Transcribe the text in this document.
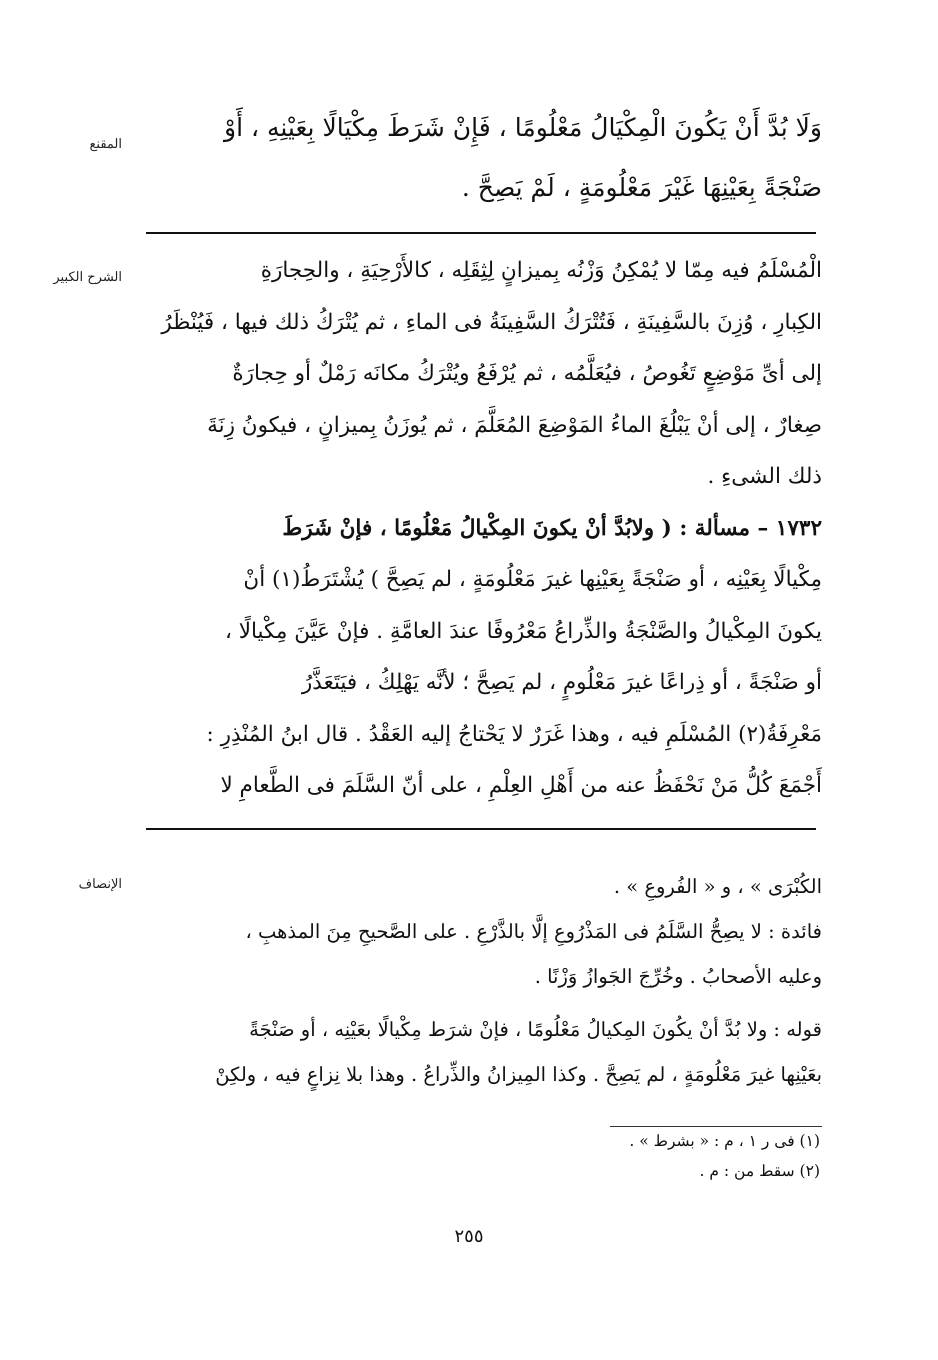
المقنع
وَلَا بُدَّ أَنْ يَكُونَ الْمِكْيَالُ مَعْلُومًا ، فَإِنْ شَرَطَ مِكْيَالًا بِعَيْنِهِ ، أَوْ
صَنْجَةً بِعَيْنِهَا غَيْرَ مَعْلُومَةٍ ، لَمْ يَصِحَّ .
الشرح الكبير	الْمُسْلَمُ فيه مِمّا لا يُمْكِنُ وَزْنُه بِميزانٍ لِثِقَلِه ، كالأَرْحِيَةِ ، والحِجارَةِ
الكِبارِ ، وُزِنَ بالسَّفِينَةِ ، فَتُتْرَكُ السَّفِينَةُ فى الماءِ ، ثم يُتْرَكُ ذلك فيها ، فَيُنْظَرُ
إلى أىِّ مَوْضِعٍ تَغُوصُ ، فيُعَلَّمُه ، ثم يُرْفَعُ ويُتْرَكُ مكانَه رَمْلٌ أو حِجارَةٌ
صِغارٌ ، إلى أنْ يَبْلُغَ الماءُ المَوْضِعَ المُعَلَّمَ ، ثم يُوزَنُ بِميزانٍ ، فيكونُ زِنَةَ
ذلك الشىءِ .
١٧٣٢ – مسألة : ( ولابُدَّ أنْ يكونَ المِكْيالُ مَعْلُومًا ، فإنْ شَرَطَ
مِكْيالًا بِعَيْنِه ، أو صَنْجَةً بِعَيْنِها غيرَ مَعْلُومَةٍ ، لم يَصِحَّ ) يُشْتَرَطُ(١) أنْ
يكونَ المِكْيالُ والصَّنْجَةُ والذِّراعُ مَعْرُوفًا عندَ العامَّةِ . فإنْ عَيَّنَ مِكْيالًا ،
أو صَنْجَةً ، أو ذِراعًا غيرَ مَعْلُومٍ ، لم يَصِحَّ ؛ لأنَّه يَهْلِكُ ، فيَتَعَذَّرُ
مَعْرِفَةُ(٢) المُسْلَمِ فيه ، وهذا غَرَرٌ لا يَحْتاجُ إليه العَقْدُ . قال ابنُ المُنْذِرِ :
أَجْمَعَ كُلُّ مَنْ نَحْفَظُ عنه من أَهْلِ العِلْمِ ، على أنّ السَّلَمَ فى الطَّعامِ لا
الإنصاف	الكُبْرَى » ، و « الفُروعِ » .
فائدة : لا يصِحُّ السَّلَمُ فى المَذْرُوعِ إلَّا بالذَّرْعِ . على الصَّحيحِ مِنَ المذهبِ ،
وعليه الأصحابُ . وخُرِّجَ الجَوازُ وَزْنًا .
قوله : ولا بُدَّ أنْ يكُونَ المِكيالُ مَعْلُومًا ، فإنْ شرَط مِكْيالًا بعَيْنِه ، أو صَنْجَةً
بعَيْنِها غيرَ مَعْلُومَةٍ ، لم يَصِحَّ . وكذا المِيزانُ والذِّراعُ . وهذا بلا نِزاعٍ فيه ، ولكِنْ
(١) فى ر ١ ، م : « بشرط » .
(٢) سقط من : م .
٢٥٥
